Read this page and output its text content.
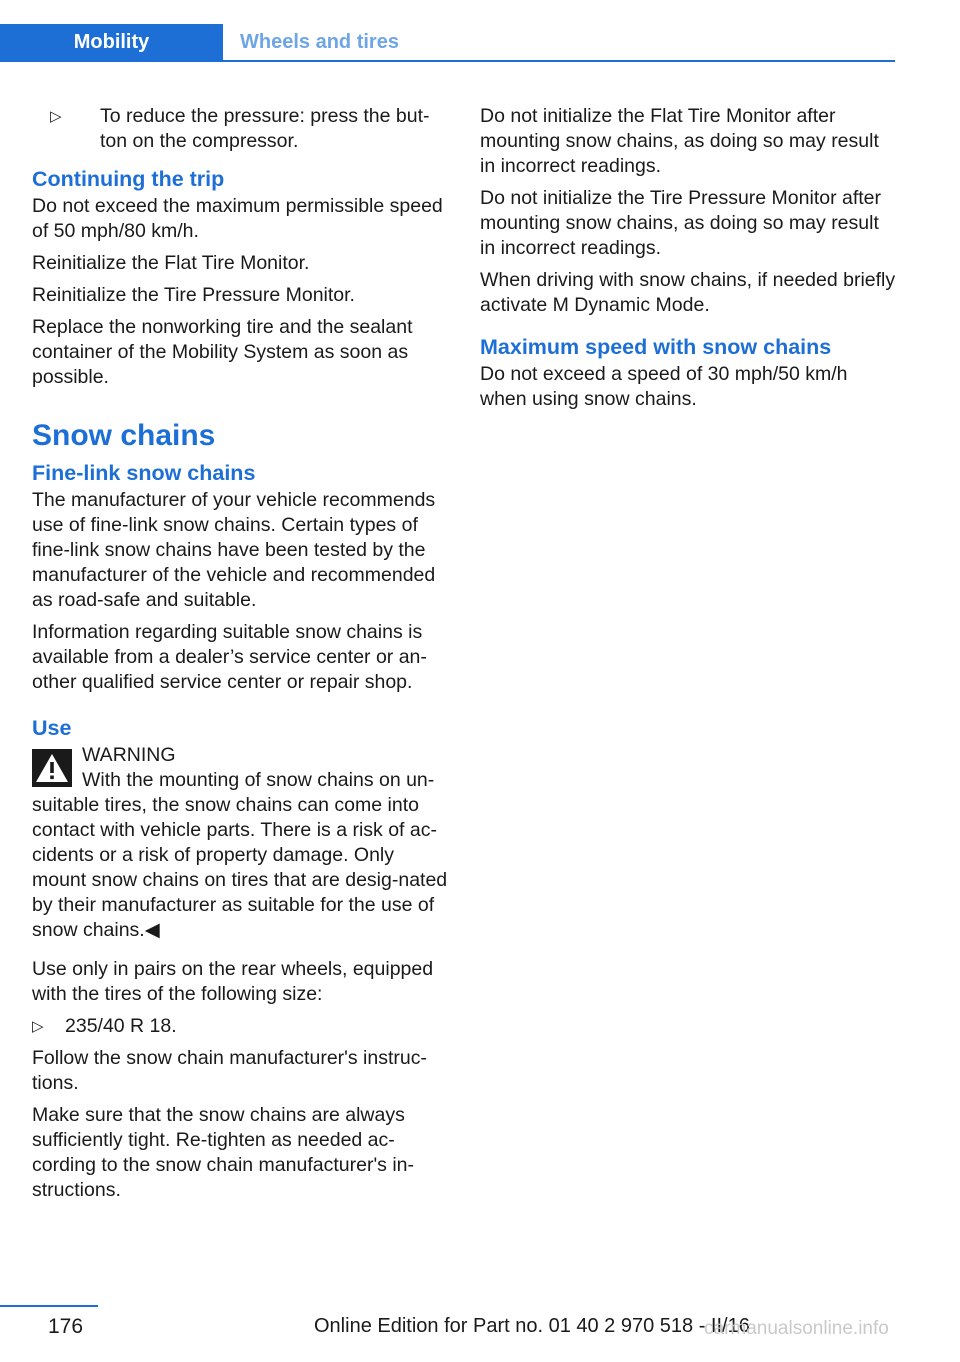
Mobility	Wheels and tires
▷ To reduce the pressure: press the but‐ton on the compressor.
Continuing the trip

Do not exceed the maximum permissible speed of 50 mph/80 km/h.

Reinitialize the Flat Tire Monitor.

Reinitialize the Tire Pressure Monitor.

Replace the nonworking tire and the sealant container of the Mobility System as soon as possible.

Snow chains
Fine-link snow chains

The manufacturer of your vehicle recommends use of fine-link snow chains. Certain types of fine-link snow chains have been tested by the manufacturer of the vehicle and recommended as road-safe and suitable.

Information regarding suitable snow chains is available from a dealer’s service center or an‐other qualified service center or repair shop.

Use
WARNING

With the mounting of snow chains on un‐suitable tires, the snow chains can come into contact with vehicle parts. There is a risk of ac‐cidents or a risk of property damage. Only mount snow chains on tires that are desig‐nated by their manufacturer as suitable for the use of snow chains.◀

Use only in pairs on the rear wheels, equipped with the tires of the following size:

▷ 235/40 R 18.

Follow the snow chain manufacturer's instruc‐tions.

Make sure that the snow chains are always sufficiently tight. Re-tighten as needed ac‐cording to the snow chain manufacturer's in‐structions.

Do not initialize the Flat Tire Monitor after mounting snow chains, as doing so may result in incorrect readings.

Do not initialize the Tire Pressure Monitor after mounting snow chains, as doing so may result in incorrect readings.

When driving with snow chains, if needed briefly activate M Dynamic Mode.

Maximum speed with snow chains

Do not exceed a speed of 30 mph/50 km/h when using snow chains.

176	Online Edition for Part no. 01 40 2 970 518 - II/16
carmanualsonline.info
